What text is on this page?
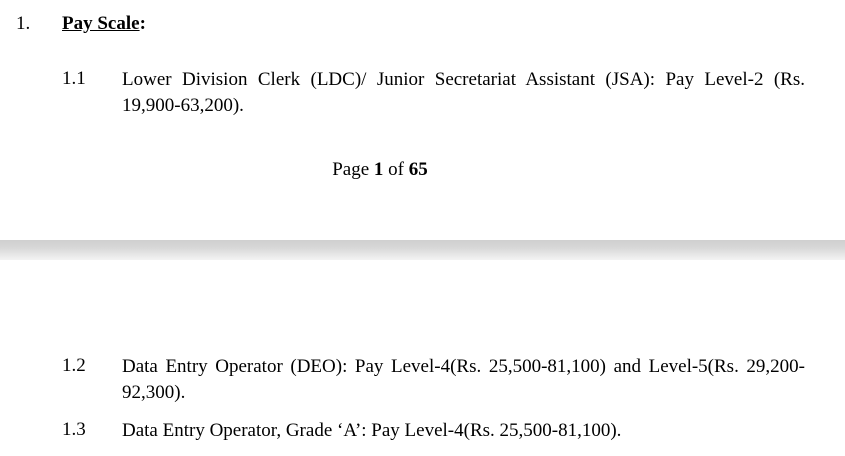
1. Pay Scale:
1.1 Lower Division Clerk (LDC)/ Junior Secretariat Assistant (JSA): Pay Level-2 (Rs. 19,900-63,200).
Page 1 of 65
1.2 Data Entry Operator (DEO): Pay Level-4(Rs. 25,500-81,100) and Level-5(Rs. 29,200-92,300).
1.3 Data Entry Operator, Grade ‘A’: Pay Level-4(Rs. 25,500-81,100).
